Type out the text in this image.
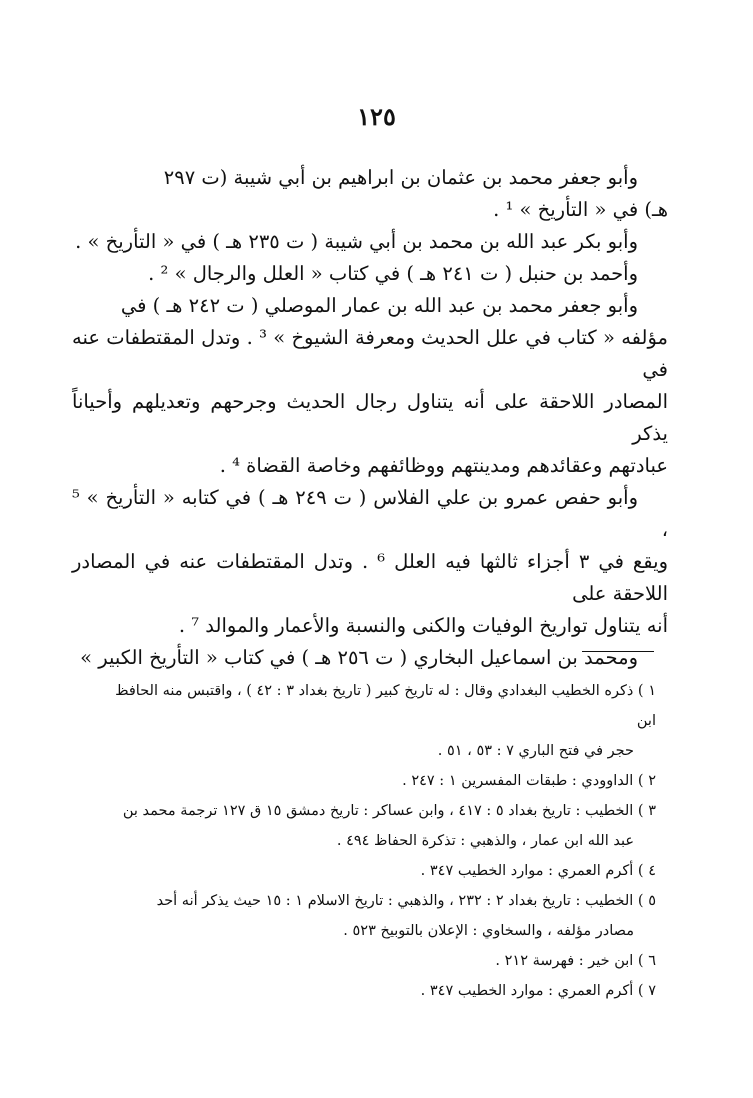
١٢٥

وأبو جعفر محمد بن عثمان بن ابراهيم بن أبي شيبة (ت ٢٩٧

هـ) في « التأريخ » ¹ .

وأبو بكر عبد الله بن محمد بن أبي شيبة ( ت ٢٣٥ هـ ) في « التأريخ » .

وأحمد بن حنبل ( ت ٢٤١ هـ ) في كتاب « العلل والرجال » ² .

وأبو جعفر محمد بن عبد الله بن عمار الموصلي ( ت ٢٤٢ هـ ) في

مؤلفه « كتاب في علل الحديث ومعرفة الشيوخ » ³ . وتدل المقتطفات عنه في

المصادر اللاحقة على أنه يتناول رجال الحديث وجرحهم وتعديلهم وأحياناً يذكر

عبادتهم وعقائدهم ومدينتهم ووظائفهم وخاصة القضاة ⁴ .

وأبو حفص عمرو بن علي الفلاس ( ت ٢٤٩ هـ ) في كتابه « التأريخ » ⁵ ،

ويقع في ٣ أجزاء ثالثها فيه العلل ⁶ . وتدل المقتطفات عنه في المصادر اللاحقة على

أنه يتناول تواريخ الوفيات والكنى والنسبة والأعمار والموالد ⁷ .

ومحمد بن اسماعيل البخاري ( ت ٢٥٦ هـ ) في كتاب « التأريخ الكبير »

١ ) ذكره الخطيب البغدادي وقال : له تاريخ كبير ( تاريخ بغداد ٣ : ٤٢ ) ، واقتبس منه الحافظ ابن

حجر في فتح الباري ٧ : ٥٣ ، ٥١ .

٢ ) الداوودي : طبقات المفسرين ١ : ٢٤٧ .

٣ ) الخطيب : تاريخ بغداد ٥ : ٤١٧ ، وابن عساكر : تاريخ دمشق ١٥ ق ١٢٧ ترجمة محمد بن

عبد الله ابن عمار ، والذهبي : تذكرة الحفاظ ٤٩٤ .

٤ ) أكرم العمري : موارد الخطيب ٣٤٧ .

٥ ) الخطيب : تاريخ بغداد ٢ : ٢٣٢ ، والذهبي : تاريخ الاسلام ١ : ١٥ حيث يذكر أنه أحد

مصادر مؤلفه ، والسخاوي : الإعلان بالتوبيخ ٥٢٣ .

٦ ) ابن خير : فهرسة ٢١٢ .

٧ ) أكرم العمري : موارد الخطيب ٣٤٧ .
